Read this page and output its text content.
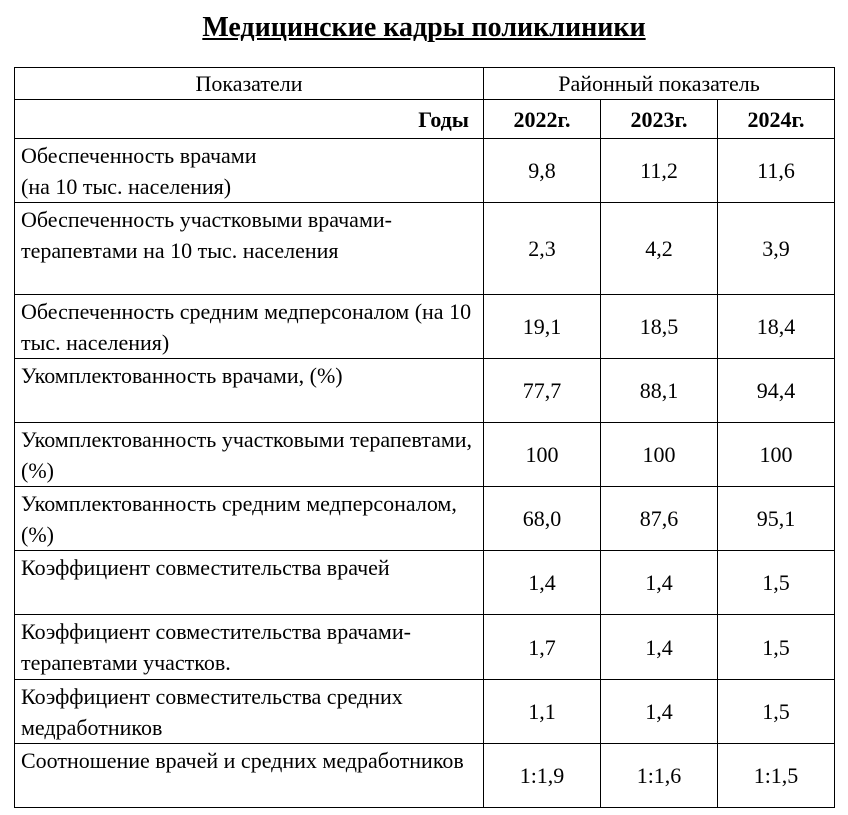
Медицинские кадры поликлиники
Показатели	Районный показатель		
Годы	2022г.	2023г.	2024г.
Обеспеченность врачами
(на 10 тыс. населения)	9,8	11,2	11,6
Обеспеченность участковыми врачами-терапевтами на 10 тыс. населения	2,3	4,2	3,9
Обеспеченность средним медперсоналом (на 10 тыс. населения)	19,1	18,5	18,4
Укомплектованность врачами, (%)	77,7	88,1	94,4
Укомплектованность участковыми терапевтами, (%)	100	100	100
Укомплектованность средним медперсоналом, (%)	68,0	87,6	95,1
Коэффициент совместительства врачей	1,4	1,4	1,5
Коэффициент совместительства врачами-терапевтами участков.	1,7	1,4	1,5
Коэффициент совместительства средних медработников	1,1	1,4	1,5
Соотношение врачей и средних медработников	1:1,9	1:1,6	1:1,5
